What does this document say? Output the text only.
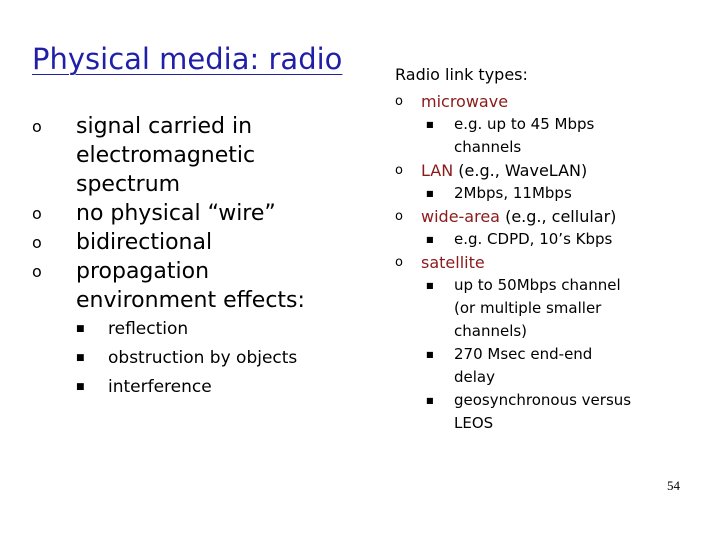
Physical media: radio
o signal carried in
electromagnetic
spectrum
o no physical “wire”
o bidirectional
o propagation
environment effects:
■ reflection
■ obstruction by objects
■ interference
Radio link types:
o microwave
■ e.g. up to 45 Mbps
channels
o LAN (e.g., WaveLAN)
■ 2Mbps, 11Mbps
o wide-area (e.g., cellular)
■ e.g. CDPD, 10’s Kbps
o satellite
■ up to 50Mbps channel
(or multiple smaller
channels)
■ 270 Msec end-end
delay
■ geosynchronous versus
LEOS
54
